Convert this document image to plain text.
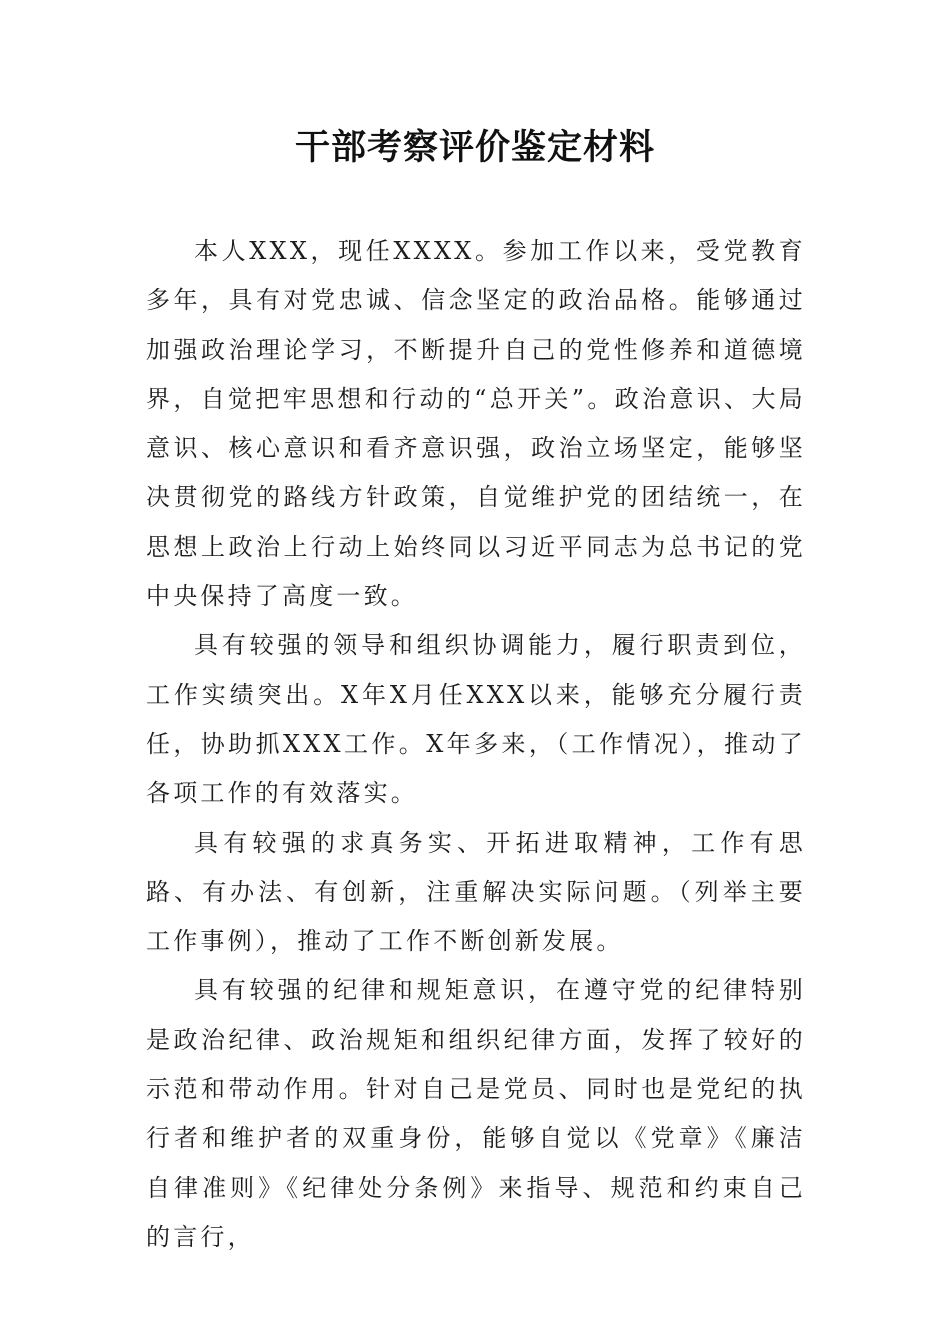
干部考察评价鉴定材料

本人XXX，现任XXXX。参加工作以来，受党教育多年，具有对党忠诚、信念坚定的政治品格。能够通过加强政治理论学习，不断提升自己的党性修养和道德境界，自觉把牢思想和行动的“总开关”。政治意识、大局意识、核心意识和看齐意识强，政治立场坚定，能够坚决贯彻党的路线方针政策，自觉维护党的团结统一，在思想上政治上行动上始终同以习近平同志为总书记的党中央保持了高度一致。

具有较强的领导和组织协调能力，履行职责到位，工作实绩突出。X年X月任XXX以来，能够充分履行责任，协助抓XXX工作。X年多来，（工作情况），推动了各项工作的有效落实。

具有较强的求真务实、开拓进取精神，工作有思路、有办法、有创新，注重解决实际问题。（列举主要工作事例），推动了工作不断创新发展。

具有较强的纪律和规矩意识，在遵守党的纪律特别是政治纪律、政治规矩和组织纪律方面，发挥了较好的示范和带动作用。针对自己是党员、同时也是党纪的执行者和维护者的双重身份，能够自觉以《党章》《廉洁自律准则》《纪律处分条例》来指导、规范和约束自己的言行，
